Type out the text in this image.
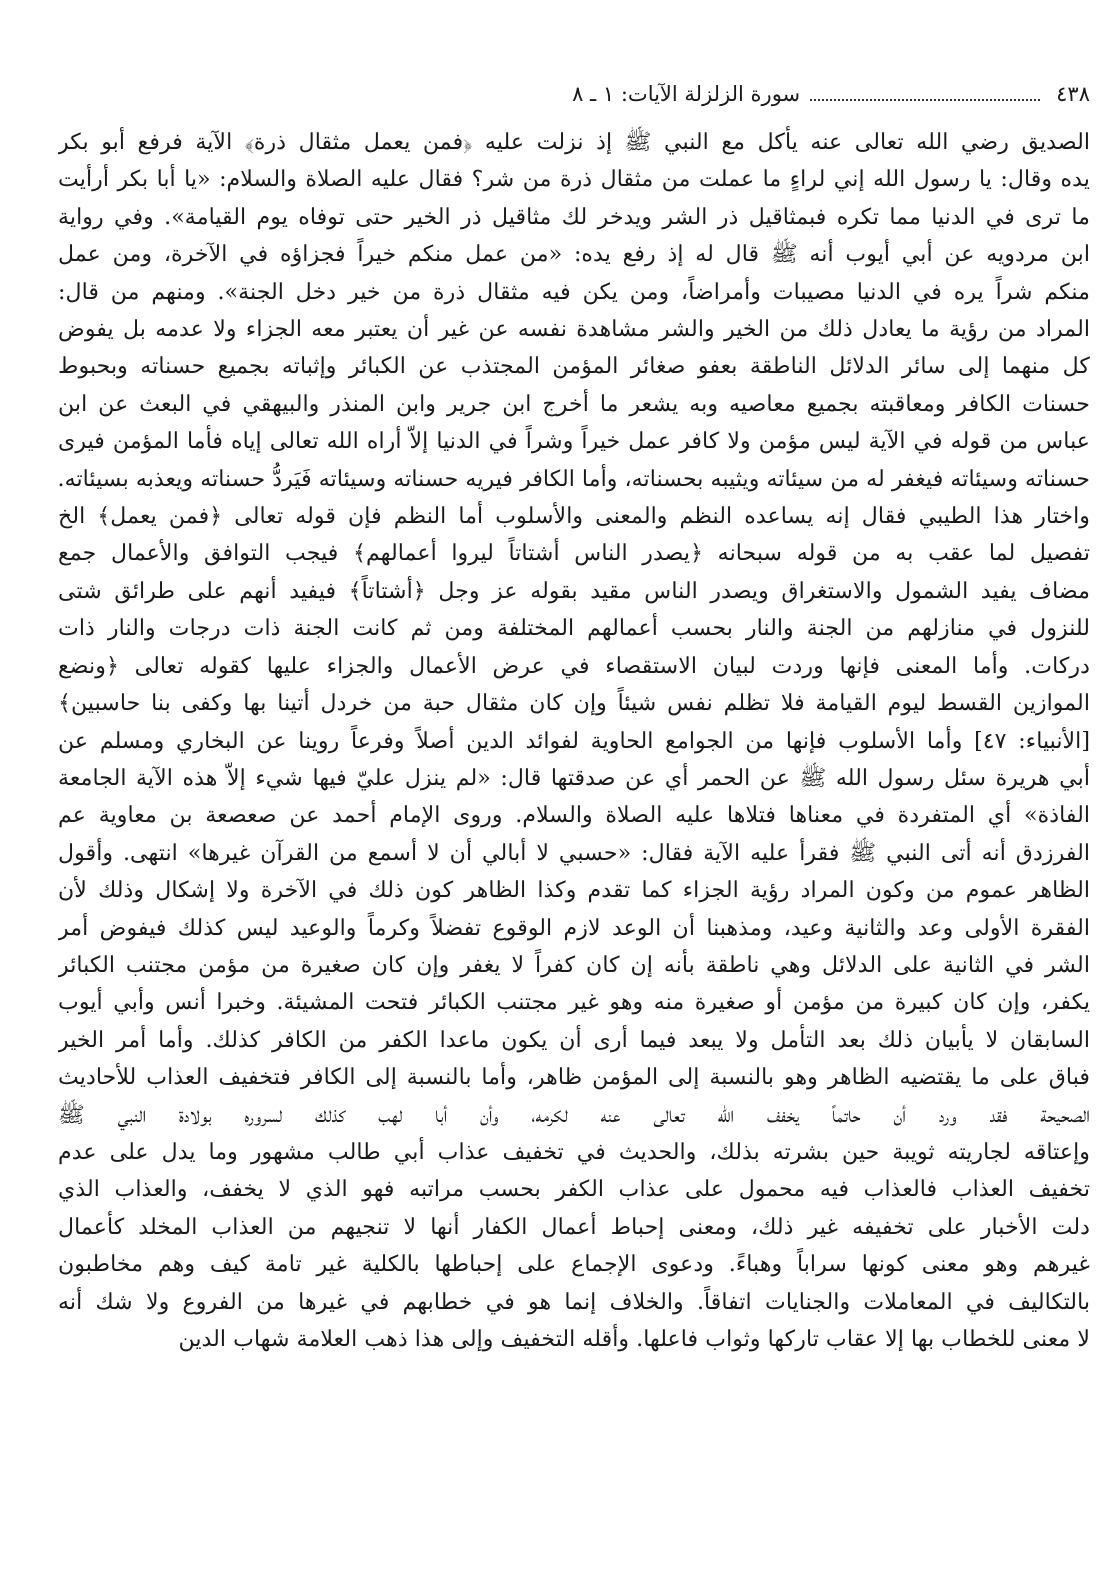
٤٣٨
سورة الزلزلة الآيات: ١ ـ ٨
الصديق رضي الله تعالى عنه يأكل مع النبي ﷺ إذ نزلت عليه ﴿فمن يعمل مثقال ذرة﴾ الآية فرفع أبو بكر
يده وقال: يا رسول الله إني لراءٍ ما عملت من مثقال ذرة من شر؟ فقال عليه الصلاة والسلام: «يا أبا بكر أرأيت
ما ترى في الدنيا مما تكره فبمثاقيل ذر الشر ويدخر لك مثاقيل ذر الخير حتى توفاه يوم القيامة». وفي رواية
ابن مردويه عن أبي أيوب أنه ﷺ قال له إذ رفع يده: «من عمل منكم خيراً فجزاؤه في الآخرة، ومن عمل
منكم شراً يره في الدنيا مصيبات وأمراضاً، ومن يكن فيه مثقال ذرة من خير دخل الجنة». ومنهم من قال:
المراد من رؤية ما يعادل ذلك من الخير والشر مشاهدة نفسه عن غير أن يعتبر معه الجزاء ولا عدمه بل يفوض
كل منهما إلى سائر الدلائل الناطقة بعفو صغائر المؤمن المجتذب عن الكبائر وإثباته بجميع حسناته وبحبوط
حسنات الكافر ومعاقبته بجميع معاصيه وبه يشعر ما أخرج ابن جرير وابن المنذر والبيهقي في البعث عن ابن
عباس من قوله في الآية ليس مؤمن ولا كافر عمل خيراً وشراً في الدنيا إلاّ أراه الله تعالى إياه فأما المؤمن فيرى
حسناته وسيئاته فيغفر له من سيئاته ويثيبه بحسناته، وأما الكافر فيريه حسناته وسيئاته فَيَردُّ حسناته ويعذبه بسيئاته.
واختار هذا الطيبي فقال إنه يساعده النظم والمعنى والأسلوب أما النظم فإن قوله تعالى ﴿فمن يعمل﴾ الخ
تفصيل لما عقب به من قوله سبحانه ﴿يصدر الناس أشتاتاً ليروا أعمالهم﴾ فيجب التوافق والأعمال جمع
مضاف يفيد الشمول والاستغراق ويصدر الناس مقيد بقوله عز وجل ﴿أشتاتاً﴾ فيفيد أنهم على طرائق شتى
للنزول في منازلهم من الجنة والنار بحسب أعمالهم المختلفة ومن ثم كانت الجنة ذات درجات والنار ذات
دركات. وأما المعنى فإنها وردت لبيان الاستقصاء في عرض الأعمال والجزاء عليها كقوله تعالى ﴿ونضع
الموازين القسط ليوم القيامة فلا تظلم نفس شيئاً وإن كان مثقال حبة من خردل أتينا بها وكفى بنا حاسبين﴾
[الأنبياء: ٤٧] وأما الأسلوب فإنها من الجوامع الحاوية لفوائد الدين أصلاً وفرعاً روينا عن البخاري ومسلم عن
أبي هريرة سئل رسول الله ﷺ عن الحمر أي عن صدقتها قال: «لم ينزل عليّ فيها شيء إلاّ هذه الآية الجامعة
الفاذة» أي المتفردة في معناها فتلاها عليه الصلاة والسلام. وروى الإمام أحمد عن صعصعة بن معاوية عم
الفرزدق أنه أتى النبي ﷺ فقرأ عليه الآية فقال: «حسبي لا أبالي أن لا أسمع من القرآن غيرها» انتهى. وأقول
الظاهر عموم من وكون المراد رؤية الجزاء كما تقدم وكذا الظاهر كون ذلك في الآخرة ولا إشكال وذلك لأن
الفقرة الأولى وعد والثانية وعيد، ومذهبنا أن الوعد لازم الوقوع تفضلاً وكرماً والوعيد ليس كذلك فيفوض أمر
الشر في الثانية على الدلائل وهي ناطقة بأنه إن كان كفراً لا يغفر وإن كان صغيرة من مؤمن مجتنب الكبائر
يكفر، وإن كان كبيرة من مؤمن أو صغيرة منه وهو غير مجتنب الكبائر فتحت المشيئة. وخبرا أنس وأبي أيوب
السابقان لا يأبيان ذلك بعد التأمل ولا يبعد فيما أرى أن يكون ماعدا الكفر من الكافر كذلك. وأما أمر الخير
فباق على ما يقتضيه الظاهر وهو بالنسبة إلى المؤمن ظاهر، وأما بالنسبة إلى الكافر فتخفيف العذاب للأحاديث
الصحيحة فقد ورد أن حاتماً يخفف الله تعالى عنه لكرمه، وأن أبا لهب كذلك لسروره بولادة النبي ﷺ
وإعتاقه لجاريته ثويبة حين بشرته بذلك، والحديث في تخفيف عذاب أبي طالب مشهور وما يدل على عدم
تخفيف العذاب فالعذاب فيه محمول على عذاب الكفر بحسب مراتبه فهو الذي لا يخفف، والعذاب الذي
دلت الأخبار على تخفيفه غير ذلك، ومعنى إحباط أعمال الكفار أنها لا تنجيهم من العذاب المخلد كأعمال
غيرهم وهو معنى كونها سراباً وهباءً. ودعوى الإجماع على إحباطها بالكلية غير تامة كيف وهم مخاطبون
بالتكاليف في المعاملات والجنايات اتفاقاً. والخلاف إنما هو في خطابهم في غيرها من الفروع ولا شك أنه
لا معنى للخطاب بها إلا عقاب تاركها وثواب فاعلها. وأقله التخفيف وإلى هذا ذهب العلامة شهاب الدين
